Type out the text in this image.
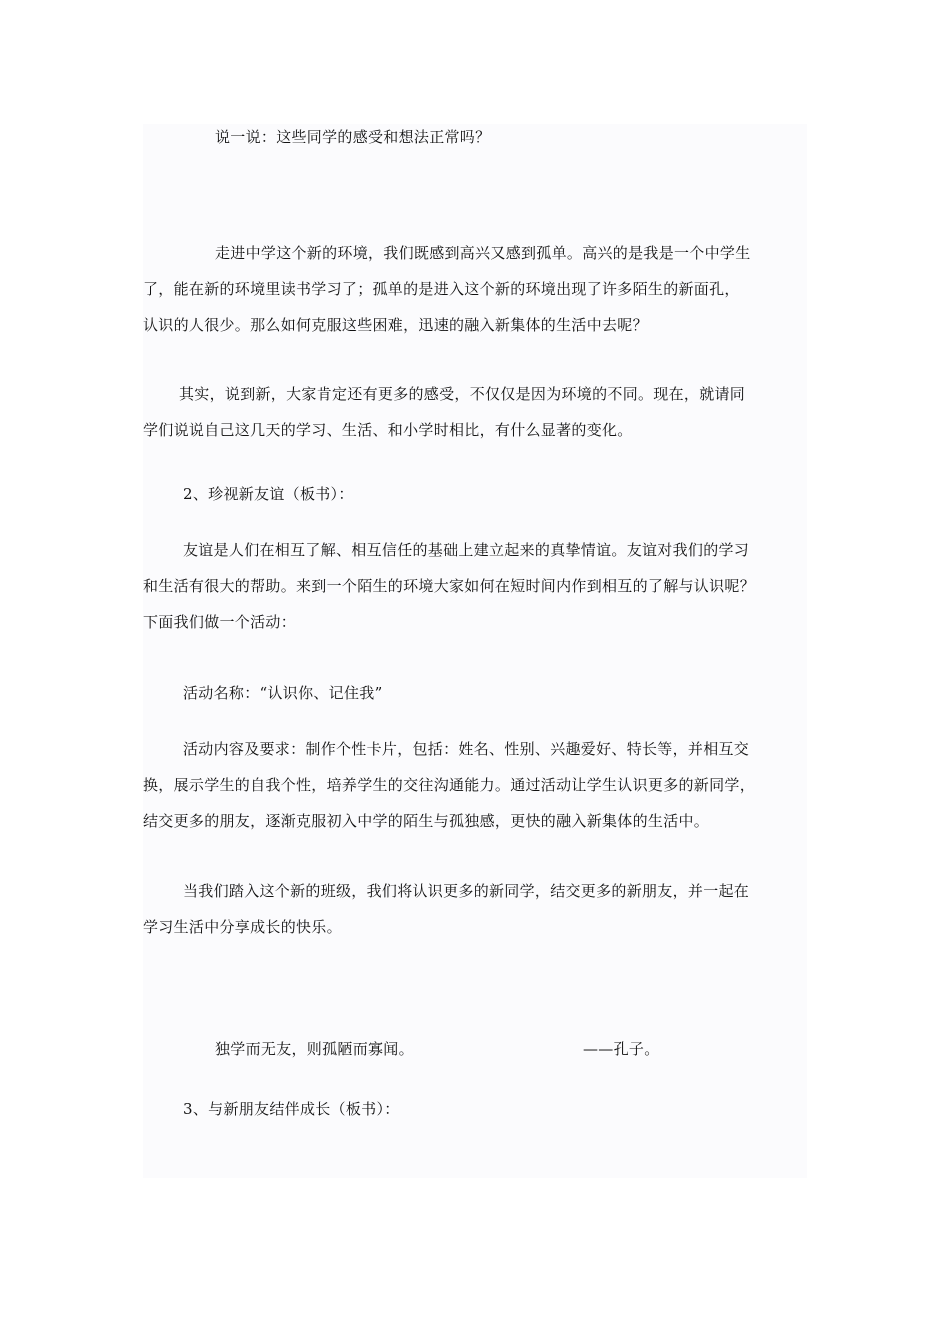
说一说：这些同学的感受和想法正常吗？
走进中学这个新的环境，我们既感到高兴又感到孤单。高兴的是我是一个中学生
了，能在新的环境里读书学习了；孤单的是进入这个新的环境出现了许多陌生的新面孔，
认识的人很少。那么如何克服这些困难，迅速的融入新集体的生活中去呢？
其实，说到新，大家肯定还有更多的感受，不仅仅是因为环境的不同。现在，就请同
学们说说自己这几天的学习、生活、和小学时相比，有什么显著的变化。
2、珍视新友谊（板书）：
友谊是人们在相互了解、相互信任的基础上建立起来的真挚情谊。友谊对我们的学习
和生活有很大的帮助。来到一个陌生的环境大家如何在短时间内作到相互的了解与认识呢？
下面我们做一个活动：
活动名称：“认识你、记住我”
活动内容及要求：制作个性卡片，包括：姓名、性别、兴趣爱好、特长等，并相互交
换，展示学生的自我个性，培养学生的交往沟通能力。通过活动让学生认识更多的新同学，
结交更多的朋友，逐渐克服初入中学的陌生与孤独感，更快的融入新集体的生活中。
当我们踏入这个新的班级，我们将认识更多的新同学，结交更多的新朋友，并一起在
学习生活中分享成长的快乐。
独学而无友，则孤陋而寡闻。	——孔子。
3、与新朋友结伴成长（板书）：
